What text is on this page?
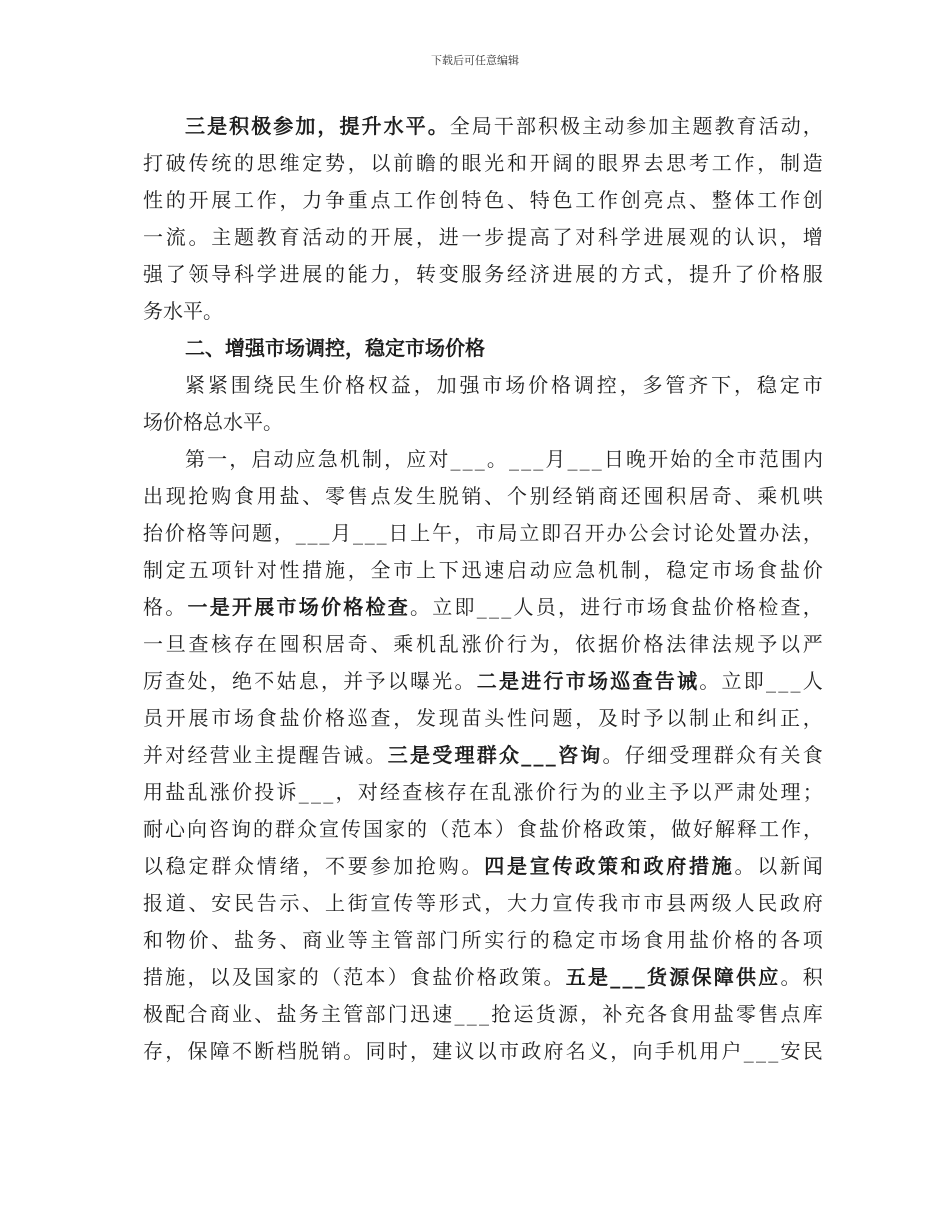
下载后可任意编辑
三 是 积 极 参 加 ， 提 升 水 平 。 全 局 干 部 积 极 主 动 参 加 主 题 教 育 活 动 ，
打 破 传 统 的 思 维 定 势 ， 以 前 瞻 的 眼 光 和 开 阔 的 眼 界 去 思 考 工 作 ， 制 造
性 的 开 展 工 作 ， 力 争 重 点 工 作 创 特 色 、 特 色 工 作 创 亮 点 、 整 体 工 作 创
一 流 。 主 题 教 育 活 动 的 开 展 ， 进 一 步 提 高 了 对 科 学 进 展 观 的 认 识 ， 增
强 了 领 导 科 学 进 展 的 能 力 ， 转 变 服 务 经 济 进 展 的 方 式 ， 提 升 了 价 格 服
务 水 平 。
二 、 增 强 市 场 调 控 ， 稳 定 市 场 价 格
紧 紧 围 绕 民 生 价 格 权 益 ， 加 强 市 场 价 格 调 控 ， 多 管 齐 下 ， 稳 定 市
场 价 格 总 水 平 。
第 一 ， 启 动 应 急 机 制 ， 应 对 _ _ _ 。 _ _ _ 月 _ _ _ 日 晚 开 始 的 全 市 范 围 内
出 现 抢 购 食 用 盐 、 零 售 点 发 生 脱 销 、 个 别 经 销 商 还 囤 积 居 奇 、 乘 机 哄
抬 价 格 等 问 题 ， _ _ _ 月 _ _ _ 日 上 午 ， 市 局 立 即 召 开 办 公 会 讨 论 处 置 办 法 ，
制 定 五 项 针 对 性 措 施 ， 全 市 上 下 迅 速 启 动 应 急 机 制 ， 稳 定 市 场 食 盐 价
格 。 一 是 开 展 市 场 价 格 检 查 。 立 即 _ _ _ 人 员 ， 进 行 市 场 食 盐 价 格 检 查 ，
一 旦 查 核 存 在 囤 积 居 奇 、 乘 机 乱 涨 价 行 为 ， 依 据 价 格 法 律 法 规 予 以 严
厉 查 处 ， 绝 不 姑 息 ， 并 予 以 曝 光 。 二 是 进 行 市 场 巡 查 告 诫 。 立 即 _ _ _ 人
员 开 展 市 场 食 盐 价 格 巡 查 ， 发 现 苗 头 性 问 题 ， 及 时 予 以 制 止 和 纠 正 ，
并 对 经 营 业 主 提 醒 告 诫 。 三 是 受 理 群 众 _ _ _ 咨 询 。 仔 细 受 理 群 众 有 关 食
用 盐 乱 涨 价 投 诉 _ _ _ ， 对 经 查 核 存 在 乱 涨 价 行 为 的 业 主 予 以 严 肃 处 理 ；
耐 心 向 咨 询 的 群 众 宣 传 国 家 的 （ 范 本 ） 食 盐 价 格 政 策 ， 做 好 解 释 工 作 ，
以 稳 定 群 众 情 绪 ， 不 要 参 加 抢 购 。 四 是 宣 传 政 策 和 政 府 措 施 。 以 新 闻
报 道 、 安 民 告 示 、 上 街 宣 传 等 形 式 ， 大 力 宣 传 我 市 市 县 两 级 人 民 政 府
和 物 价 、 盐 务 、 商 业 等 主 管 部 门 所 实 行 的 稳 定 市 场 食 用 盐 价 格 的 各 项
措 施 ， 以 及 国 家 的 （ 范 本 ） 食 盐 价 格 政 策 。 五 是 _ _ _ 货 源 保 障 供 应 。 积
极 配 合 商 业 、 盐 务 主 管 部 门 迅 速 _ _ _ 抢 运 货 源 ， 补 充 各 食 用 盐 零 售 点 库
存 ， 保 障 不 断 档 脱 销 。 同 时 ， 建 议 以 市 政 府 名 义 ， 向 手 机 用 户 _ _ _ 安 民
